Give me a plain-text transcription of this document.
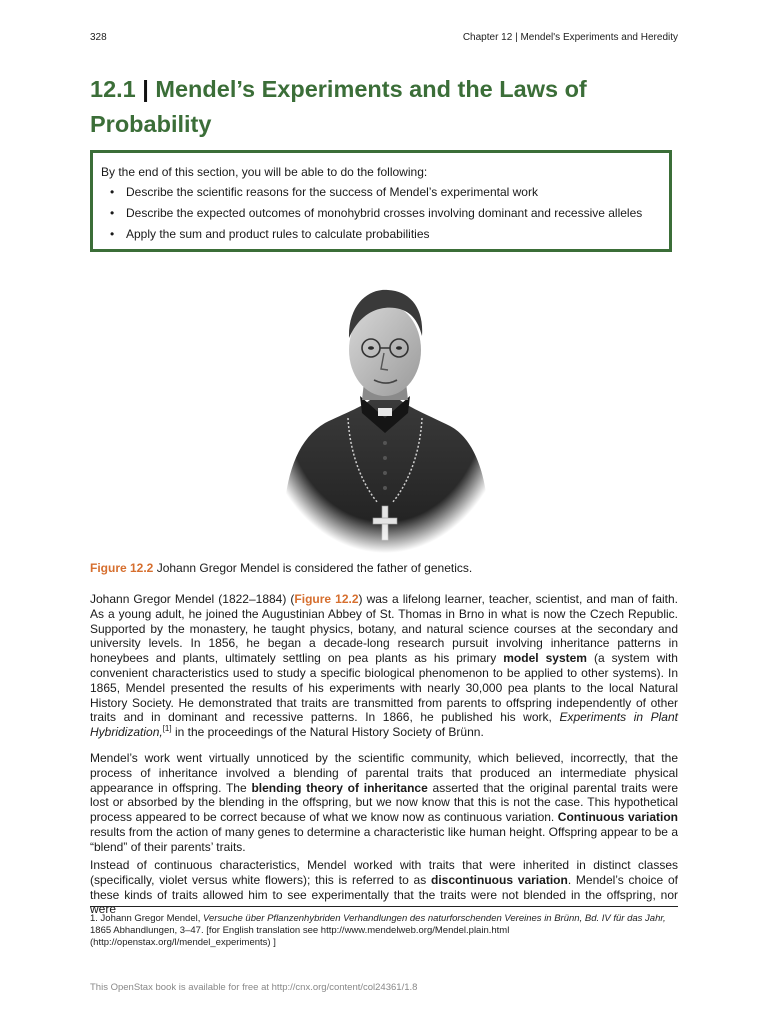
328	Chapter 12 | Mendel's Experiments and Heredity
12.1 | Mendel’s Experiments and the Laws of
Probability

By the end of this section, you will be able to do the following:

• Describe the scientific reasons for the success of Mendel’s experimental work
• Describe the expected outcomes of monohybrid crosses involving dominant and recessive alleles
• Apply the sum and product rules to calculate probabilities
Figure 12.2 Johann Gregor Mendel is considered the father of genetics.

Johann Gregor Mendel (1822–1884) (Figure 12.2) was a lifelong learner, teacher, scientist, and man of faith. As a young adult, he joined the Augustinian Abbey of St. Thomas in Brno in what is now the Czech Republic. Supported by the monastery, he taught physics, botany, and natural science courses at the secondary and university levels. In 1856, he began a decade-long research pursuit involving inheritance patterns in honeybees and plants, ultimately settling on pea plants as his primary model system (a system with convenient characteristics used to study a specific biological phenomenon to be applied to other systems). In 1865, Mendel presented the results of his experiments with nearly 30,000 pea plants to the local Natural History Society. He demonstrated that traits are transmitted from parents to offspring independently of other traits and in dominant and recessive patterns. In 1866, he published his work, Experiments in Plant Hybridization,[1] in the proceedings of the Natural History Society of Brünn.

Mendel’s work went virtually unnoticed by the scientific community, which believed, incorrectly, that the process of inheritance involved a blending of parental traits that produced an intermediate physical appearance in offspring. The blending theory of inheritance asserted that the original parental traits were lost or absorbed by the blending in the offspring, but we now know that this is not the case. This hypothetical process appeared to be correct because of what we know now as continuous variation. Continuous variation results from the action of many genes to determine a characteristic like human height. Offspring appear to be a “blend” of their parents’ traits.

Instead of continuous characteristics, Mendel worked with traits that were inherited in distinct classes (specifically, violet versus white flowers); this is referred to as discontinuous variation. Mendel’s choice of these kinds of traits allowed him to see experimentally that the traits were not blended in the offspring, nor were

1. Johann Gregor Mendel, Versuche über Pflanzenhybriden Verhandlungen des naturforschenden Vereines in Brünn, Bd. IV für das Jahr, 1865 Abhandlungen, 3–47. [for English translation see http://www.mendelweb.org/Mendel.plain.html (http://openstax.org/l/mendel_experiments) ]
This OpenStax book is available for free at http://cnx.org/content/col24361/1.8
